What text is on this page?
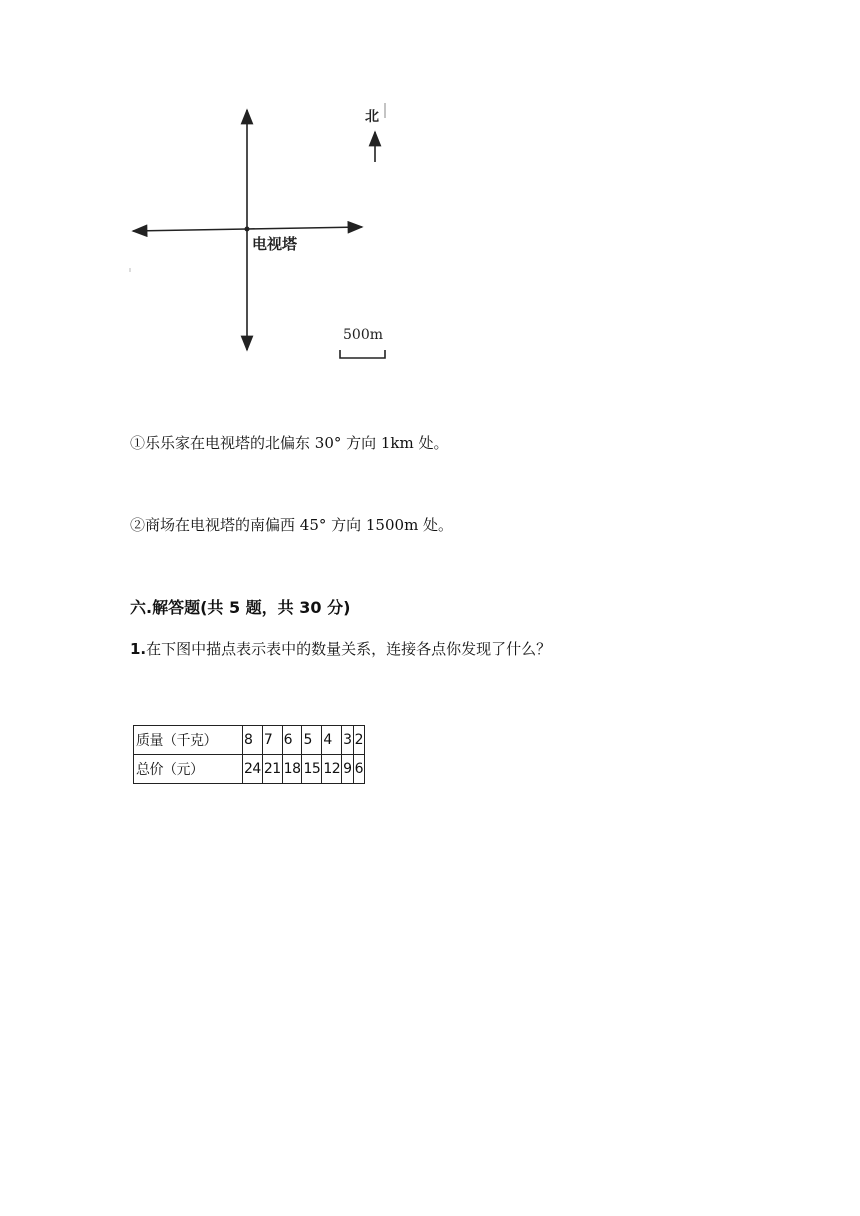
北
电视塔
500m
①乐乐家在电视塔的北偏东 30° 方向 1km 处。
②商场在电视塔的南偏西 45° 方向 1500m 处。
六.解答题(共 5 题，共 30 分)
1.在下图中描点表示表中的数量关系，连接各点你发现了什么？
质量（千克）	8	7	6	5	4	3	2
总价（元）	24	21	18	15	12	9	6
